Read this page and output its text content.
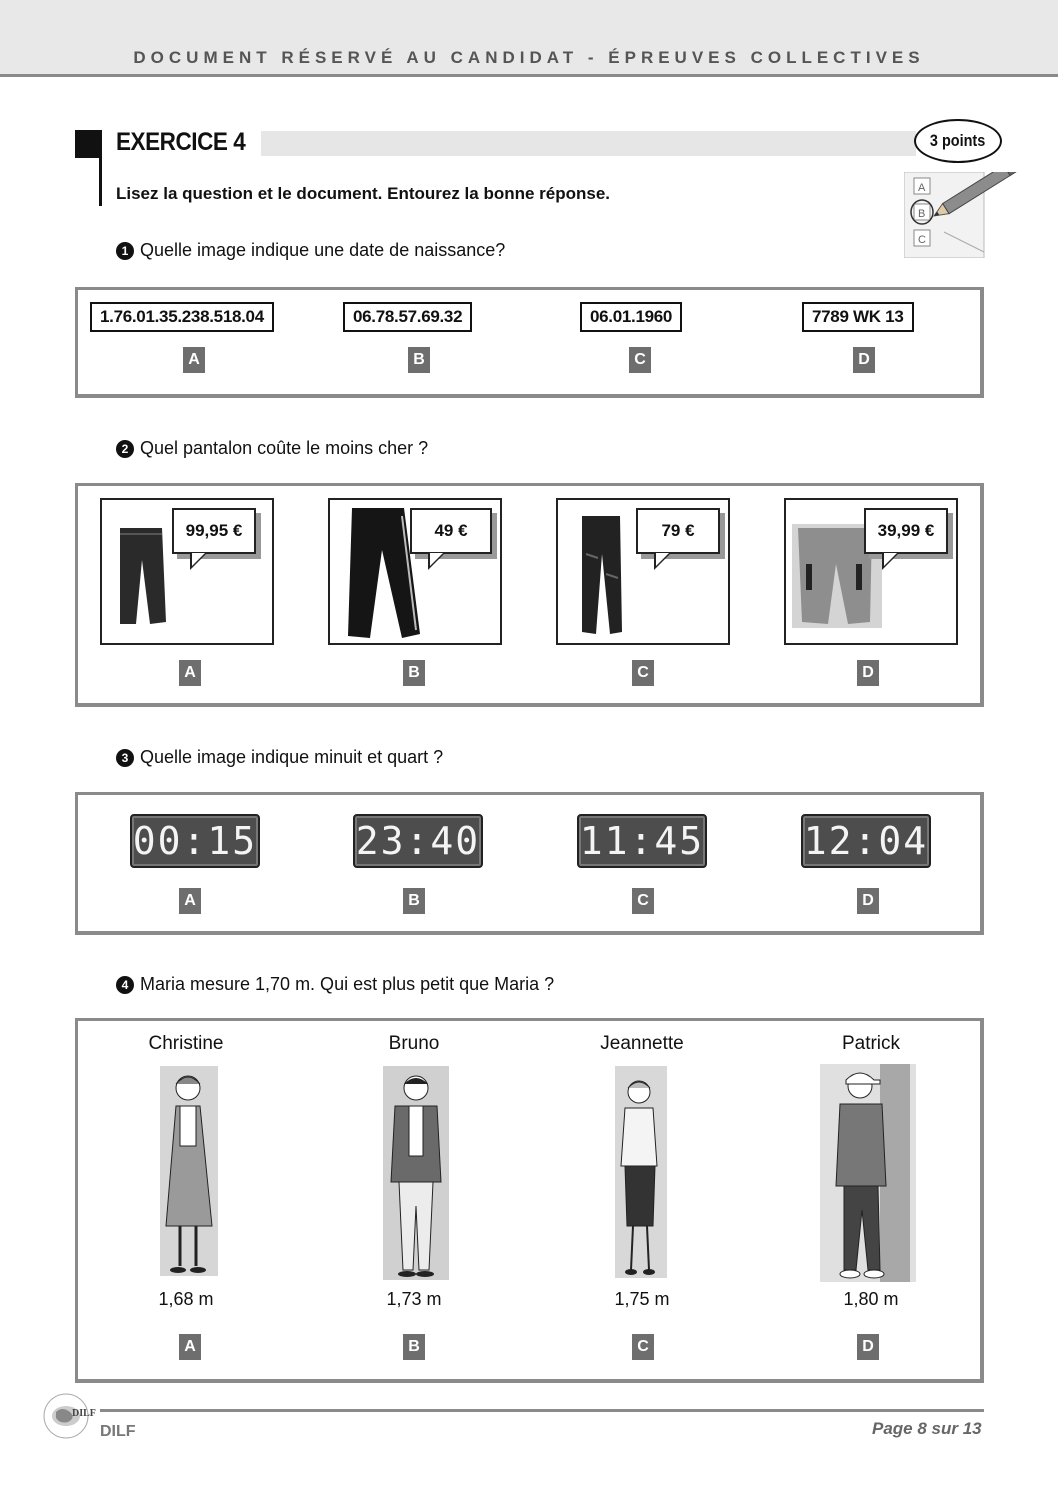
DOCUMENT RÉSERVÉ AU CANDIDAT - ÉPREUVES COLLECTIVES
EXERCICE 4	3 points
Lisez la question et le document. Entourez la bonne réponse.	A
B
C
1 Quelle image indique une date de naissance?
1.76.01.35.238.518.04	06.78.57.69.32	06.01.1960	7789 WK 13
A	B	C	D
2 Quel pantalon coûte le moins cher ?
99,95 €	49 €	79 €	39,99 €
A	B	C	D
3 Quelle image indique minuit et quart ?
00:15	23:40	11:45	12:04
A	B	C	D
4 Maria mesure 1,70 m. Qui est plus petit que Maria ?
Christine	Bruno	Jeannette	Patrick
1,68 m	1,73 m	1,75 m	1,80 m
A	B	C	D
DILF
DILF	Page 8 sur 13
